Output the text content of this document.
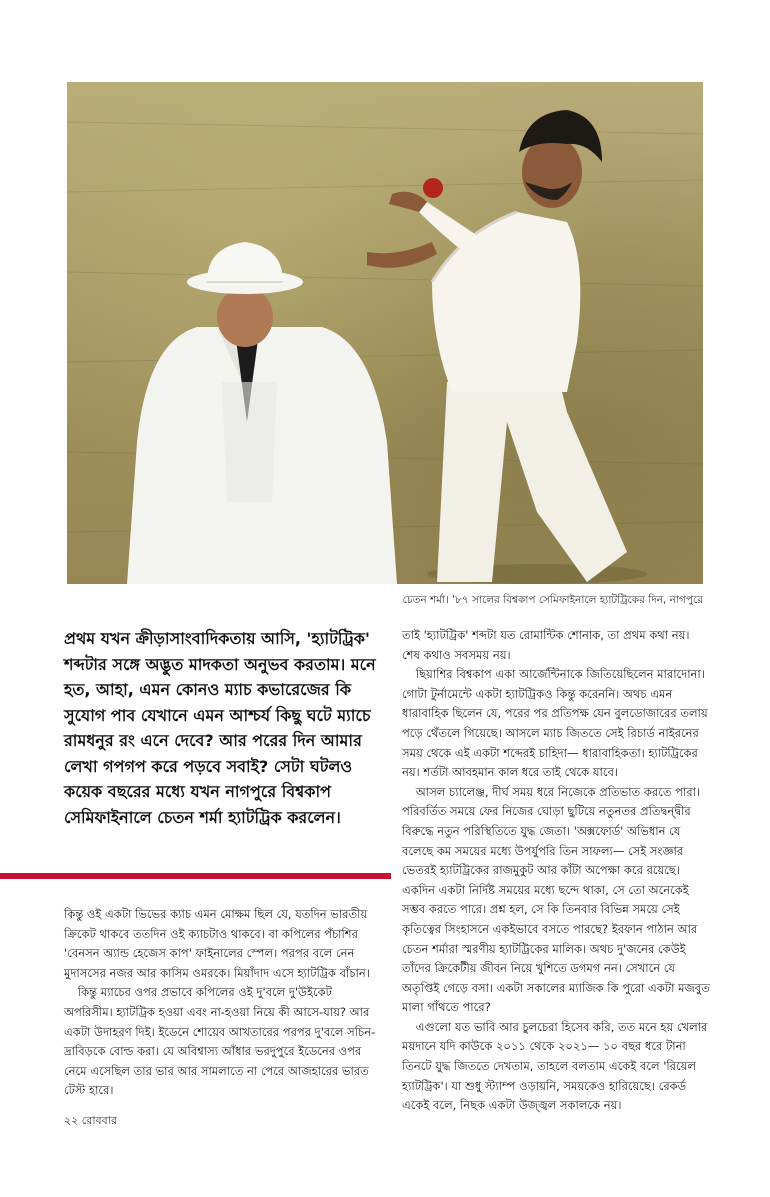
চেতন শর্মা। '৮৭ সালের বিশ্বকাপ সেমিফাইনালে হ্যাটট্রিকের দিন, নাগপুরে
প্রথম যখন ক্রীড়াসাংবাদিকতায় আসি, 'হ্যাটট্রিক' শব্দটার সঙ্গে অদ্ভুত মাদকতা অনুভব করতাম। মনে হত, আহা, এমন কোনও ম্যাচ কভারেজের কি সুযোগ পাব যেখানে এমন আশ্চর্য কিছু ঘটে ম্যাচে রামধনুর রং এনে দেবে? আর পরের দিন আমার লেখা গপগপ করে পড়বে সবাই? সেটা ঘটলও কয়েক বছরের মধ্যে যখন নাগপুরে বিশ্বকাপ সেমিফাইনালে চেতন শর্মা হ্যাটট্রিক করলেন।

কিন্তু ওই একটা ভিভের ক্যাচ এমন মোক্ষম ছিল যে, যতদিন ভারতীয় ক্রিকেট থাকবে ততদিন ওই ক্যাচটাও থাকবে। বা কপিলের পঁচাশির 'বেনসন অ্যান্ড হেজেস কাপ' ফাইনালের স্পেল। পরপর বলে নেন মুদাসসের নজর আর কাসিম ওমরকে। মিয়াঁদাদ এসে হ্যাটট্রিক বাঁচান।

কিন্তু ম্যাচের ওপর প্রভাবে কপিলের ওই দু'বলে দু'উইকেট অপরিসীম। হ্যাটট্রিক হওয়া এবং না-হওয়া নিয়ে কী আসে-যায়? আর একটা উদাহরণ দিই। ইডেনে শোয়েব আখতারের পরপর দু'বলে সচিন-দ্রাবিড়কে বোল্ড করা। যে অবিশ্বাস্য আঁধার ভরদুপুরে ইডেনের ওপর নেমে এসেছিল তার ভার আর সামলাতে না পেরে আজহারের ভারত টেস্ট হারে।

তাই 'হ্যাটট্রিক' শব্দটা যত রোমান্টিক শোনাক, তা প্রথম কথা নয়। শেষ কথাও সবসময় নয়।

ছিয়াশির বিশ্বকাপ একা আর্জেন্টিনাকে জিতিয়েছিলেন মারাদোনা। গোটা টুর্নামেন্টে একটা হ্যাটট্রিকও কিন্তু করেননি। অথচ এমন ধারাবাহিক ছিলেন যে, পরের পর প্রতিপক্ষ যেন বুলডোজারের তলায় পড়ে থেঁতলে গিয়েছে। আসলে ম্যাচ জিততে সেই রিচার্ড নাইরনের সময় থেকে এই একটা শব্দেরই চাহিদা— ধারাবাহিকতা। হ্যাটট্রিকের নয়। শর্তটা আবহমান কাল ধরে তাই থেকে যাবে।

আসল চ্যালেঞ্জ, দীর্ঘ সময় ধরে নিজেকে প্রতিভাত করতে পারা। পরিবর্তিত সময়ে ফের নিজের ঘোড়া ছুটিয়ে নতুনতর প্রতিদ্বন্দ্বীর বিরুদ্ধে নতুন পরিস্থিতিতে যুদ্ধ জেতা। 'অক্সফোর্ড' অভিধান যে বলেছে কম সময়ের মধ্যে উপর্যুপরি তিন সাফল্য— সেই সংজ্ঞার ভেতরই হ্যাটট্রিকের রাজমুকুট আর কাঁটা অপেক্ষা করে রয়েছে। একদিন একটা নির্দিষ্ট সময়ের মধ্যে ছন্দে থাকা, সে তো অনেকেই সম্ভব করতে পারে। প্রশ্ন হল, সে কি তিনবার বিভিন্ন সময়ে সেই কৃতিত্বের সিংহাসনে একইভাবে বসতে পারছে? ইরফান পাঠান আর চেতন শর্মারা স্মরণীয় হ্যাটট্রিকের মালিক। অথচ দু'জনের কেউই তাঁদের ক্রিকেটীয় জীবন নিয়ে খুশিতে ডগমগ নন। সেখানে যে অতৃপ্তিই গেড়ে বসা। একটা সকালের ম্যাজিক কি পুরো একটা মজবুত মালা গাঁথতে পারে?

এগুলো যত ভাবি আর চুলচেরা হিসেব করি, তত মনে হয় খেলার ময়দানে যদি কাউকে ২০১১ থেকে ২০২১— ১০ বছর ধরে টানা তিনটে যুদ্ধ জিততে দেখতাম, তাহলে বলতাম একেই বলে 'রিয়েল হ্যাটট্রিক'। যা শুধু স্ট্যাম্প ওড়ায়নি, সময়কেও হারিয়েছে। রেকর্ড একেই বলে, নিছক একটা উজ্জ্বল সকালকে নয়।

২২ রোববার
